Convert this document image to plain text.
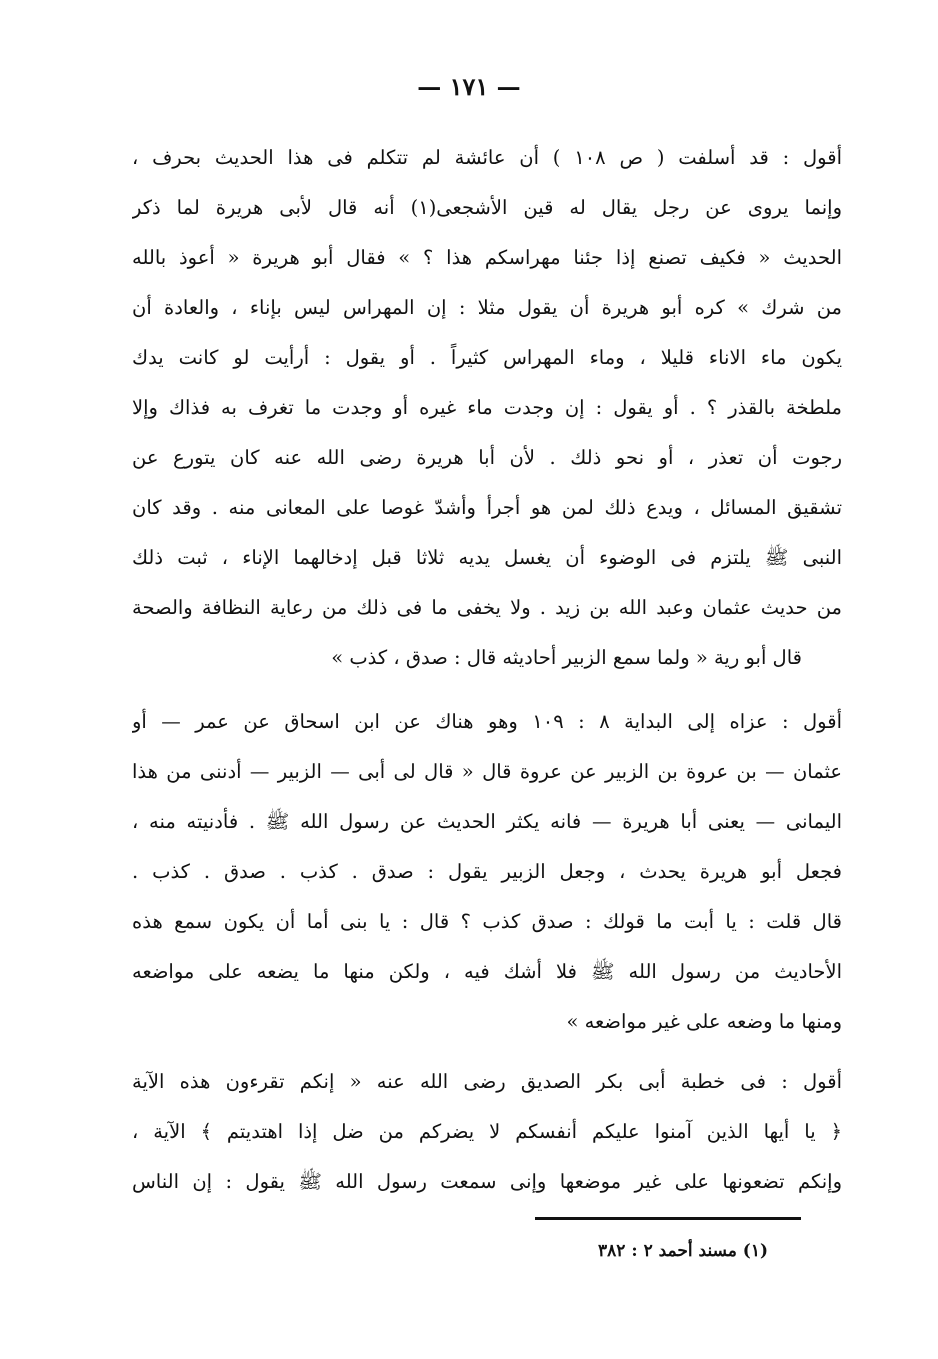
— ١٧١ —
أقول : قد أسلفت ( ص ١٠٨ ) أن عائشة لم تتكلم فى هذا الحديث بحرف ،
وإنما يروى عن رجل يقال له قين الأشجعى(١) أنه قال لأبى هريرة لما ذكر
الحديث « فكيف تصنع إذا جئنا مهراسكم هذا ؟ » فقال أبو هريرة « أعوذ بالله
من شرك » كره أبو هريرة أن يقول مثلا : إن المهراس ليس بإناء ، والعادة أن
يكون ماء الاناء قليلا ، وماء المهراس كثيراً . أو يقول : أرأيت لو كانت يدك
ملطخة بالقذر ؟ . أو يقول : إن وجدت ماء غيره أو وجدت ما تغرف به فذاك وإلا
رجوت أن تعذر ، أو نحو ذلك . لأن أبا هريرة رضى الله عنه كان يتورع عن
تشقيق المسائل ، ويدع ذلك لمن هو أجرأ وأشدّ غوصا على المعانى منه . وقد كان
النبى ﷺ يلتزم فى الوضوء أن يغسل يديه ثلاثا قبل إدخالهما الإناء ، ثبت ذلك
من حديث عثمان وعبد الله بن زيد . ولا يخفى ما فى ذلك من رعاية النظافة والصحة
قال أبو رية « ولما سمع الزبير أحاديثه قال : صدق ، كذب »
أقول : عزاه إلى البداية ٨ : ١٠٩ وهو هناك عن ابن اسحاق عن عمر — أو
عثمان — بن عروة بن الزبير عن عروة قال « قال لى أبى — الزبير — أدننى من هذا
اليمانى — يعنى أبا هريرة — فانه يكثر الحديث عن رسول الله ﷺ . فأدنيته منه ،
فجعل أبو هريرة يحدث ، وجعل الزبير يقول : صدق . كذب . صدق . كذب .
قال قلت : يا أبت ما قولك : صدق كذب ؟ قال : يا بنى أما أن يكون سمع هذه
الأحاديث من رسول الله ﷺ فلا أشك فيه ، ولكن منها ما يضعه على مواضعه
ومنها ما وضعه على غير مواضعه »
أقول : فى خطبة أبى بكر الصديق رضى الله عنه « إنكم تقرءون هذه الآية
﴿ يا أيها الذين آمنوا عليكم أنفسكم لا يضركم من ضل إذا اهتديتم ﴾ الآية ،
وإنكم تضعونها على غير موضعها وإنى سمعت رسول الله ﷺ يقول : إن الناس
(١) مسند أحمد ٢ : ٣٨٢
